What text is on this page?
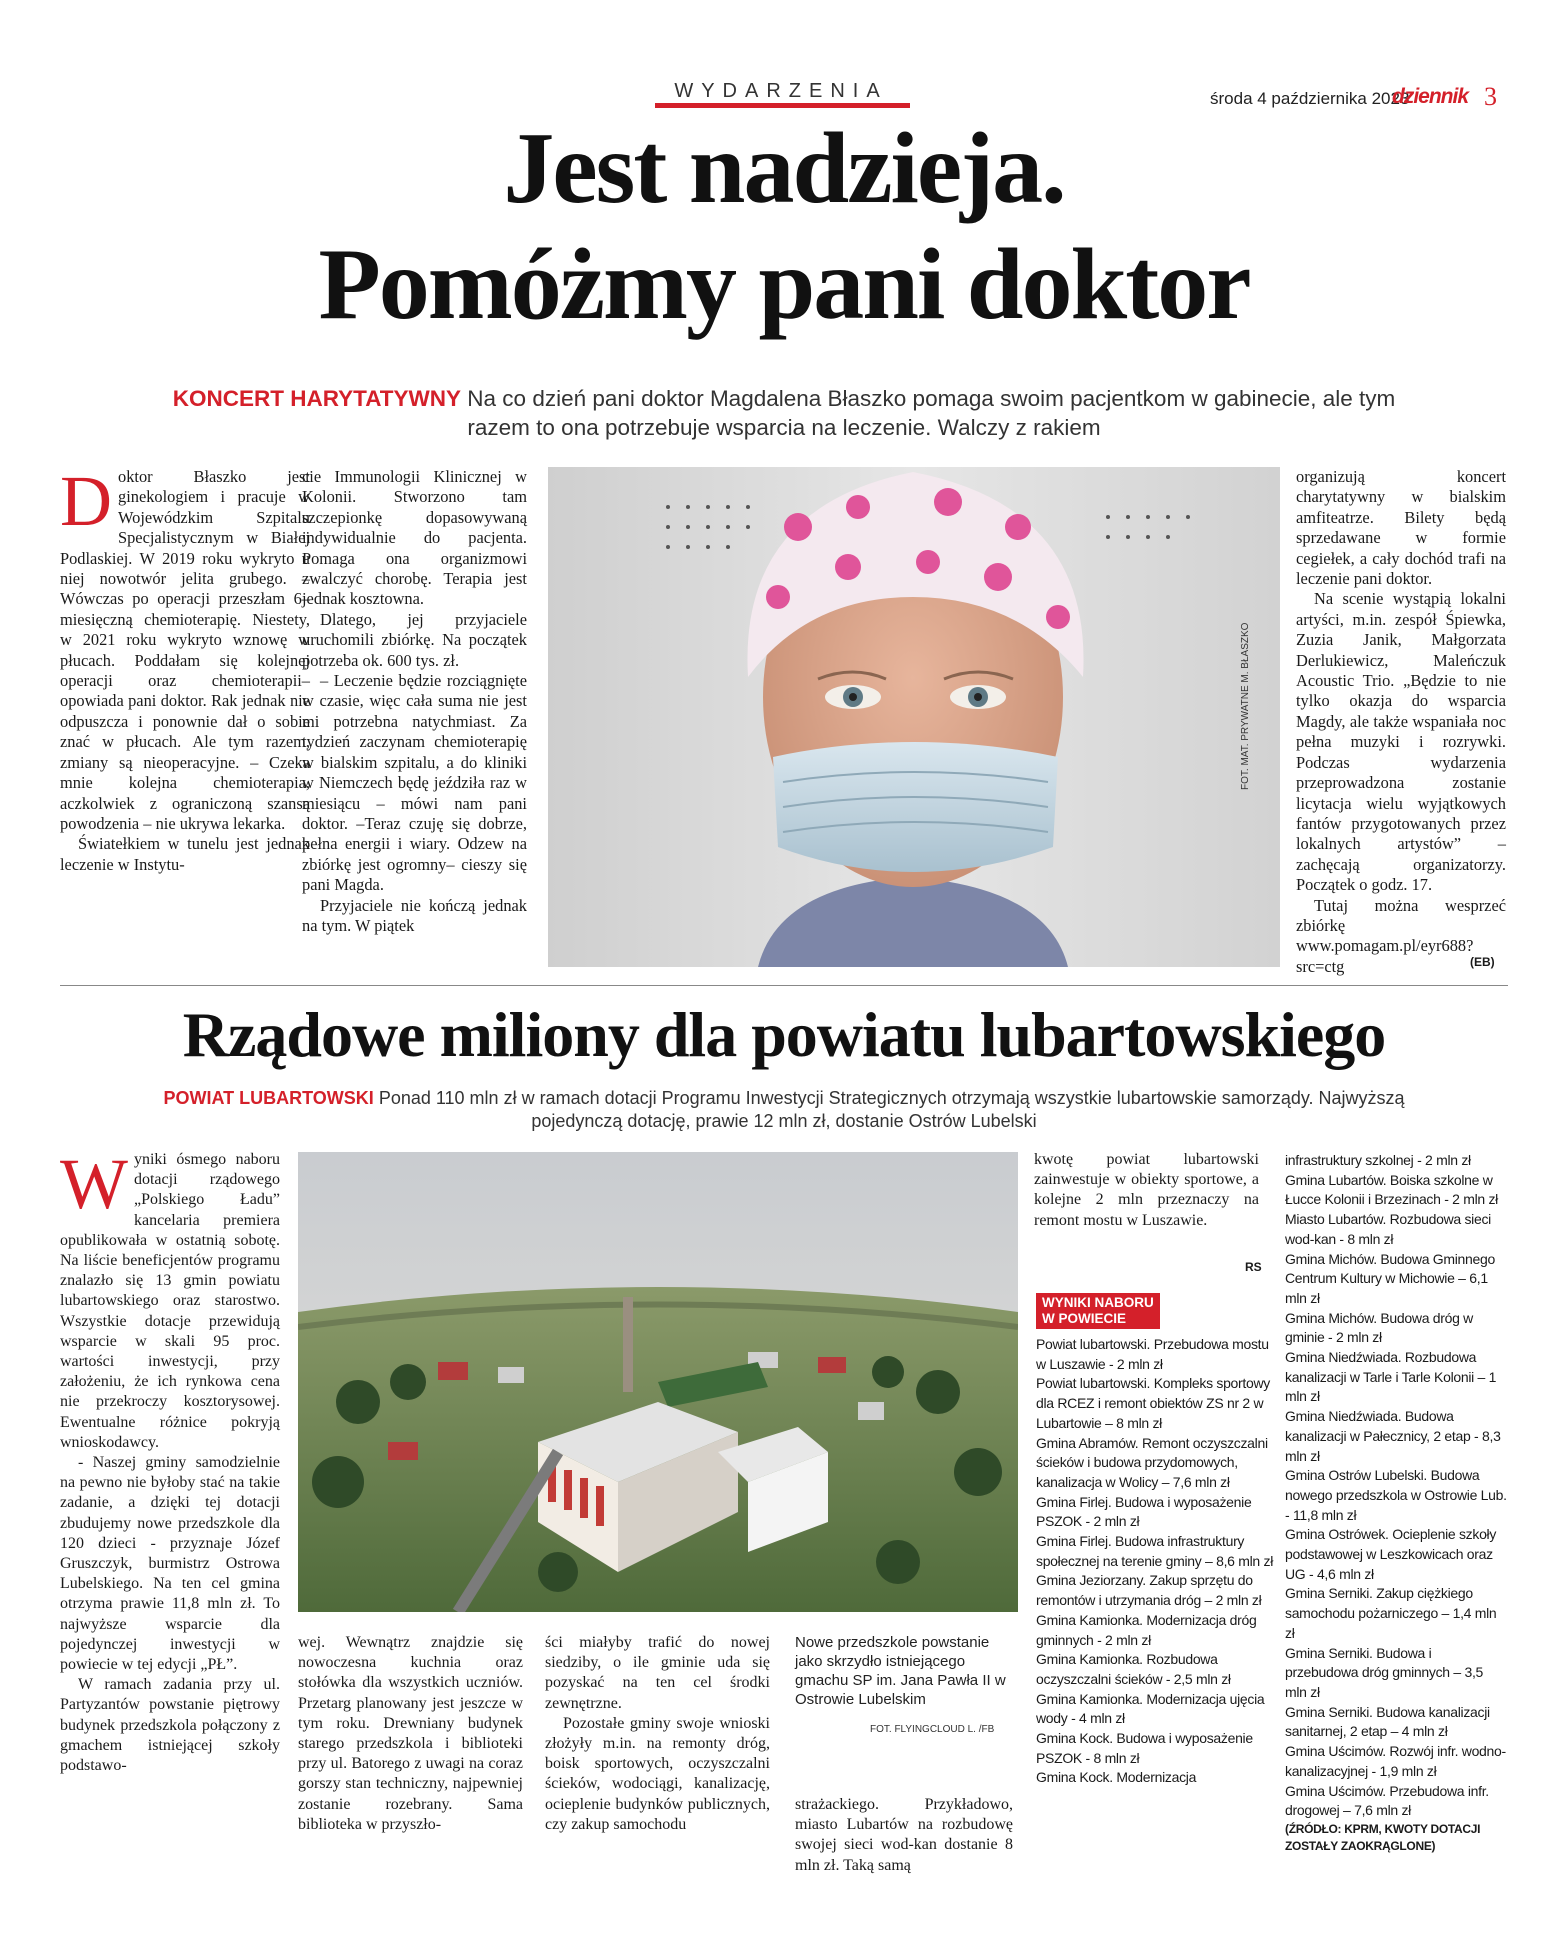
WYDARZENIA	środa 4 października 2023
dziennik 3
Jest nadzieja.
Pomóżmy pani doktor
KONCERT HARYTATYWNY Na co dzień pani doktor Magdalena Błaszko pomaga swoim pacjentkom w gabinecie, ale tym
razem to ona potrzebuje wsparcia na leczenie. Walczy z rakiem

Doktor Błaszko jest ginekologiem i pracuje w Wojewódzkim Szpitalu Specjalistycznym w Białej Podlaskiej. W 2019 roku wykryto u niej nowotwór jelita grubego. – Wówczas po operacji przeszłam 6– miesięczną chemioterapię. Niestety, w 2021 roku wykryto wznowę w płucach. Poddałam się kolejnej operacji oraz chemioterapii– opowiada pani doktor. Rak jednak nie odpuszcza i ponownie dał o sobie znać w płucach. Ale tym razem, zmiany są nieoperacyjne. – Czeka mnie kolejna chemioterapia, aczkolwiek z ograniczoną szansą powodzenia – nie ukrywa lekarka.

Światełkiem w tunelu jest jednak leczenie w Instytu-

cie Immunologii Klinicznej w Kolonii. Stworzono tam szczepionkę dopasowywaną indywidualnie do pacjenta. Pomaga ona organizmowi zwalczyć chorobę. Terapia jest jednak kosztowna.

Dlatego, jej przyjaciele uruchomili zbiórkę. Na początek potrzeba ok. 600 tys. zł.

– Leczenie będzie rozciągnięte w czasie, więc cała suma nie jest mi potrzebna natychmiast. Za tydzień zaczynam chemioterapię w bialskim szpitalu, a do kliniki w Niemczech będę jeździła raz w miesiącu – mówi nam pani doktor. –Teraz czuję się dobrze, pełna energii i wiary. Odzew na zbiórkę jest ogromny– cieszy się pani Magda.

Przyjaciele nie kończą jednak na tym. W piątek

FOT. MAT. PRYWATNE M. BŁASZKO

organizują koncert charytatywny w bialskim amfiteatrze. Bilety będą sprzedawane w formie cegiełek, a cały dochód trafi na leczenie pani doktor.

Na scenie wystąpią lokalni artyści, m.in. zespół Śpiewka, Zuzia Janik, Małgorzata Derlukiewicz, Maleńczuk Acoustic Trio. „Będzie to nie tylko okazja do wsparcia Magdy, ale także wspaniała noc pełna muzyki i rozrywki. Podczas wydarzenia przeprowadzona zostanie licytacja wielu wyjątkowych fantów przygotowanych przez lokalnych artystów” – zachęcają organizatorzy. Początek o godz. 17.

Tutaj można wesprzeć zbiórkę www.pomagam.pl/eyr688?src=ctg	(EB)
Rządowe miliony dla powiatu lubartowskiego
POWIAT LUBARTOWSKI Ponad 110 mln zł w ramach dotacji Programu Inwestycji Strategicznych otrzymają wszystkie lubartowskie samorządy. Najwyższą
pojedynczą dotację, prawie 12 mln zł, dostanie Ostrów Lubelski

Wyniki ósmego naboru dotacji rządowego „Polskiego Ładu” kancelaria premiera opublikowała w ostatnią sobotę. Na liście beneficjentów programu znalazło się 13 gmin powiatu lubartowskiego oraz starostwo. Wszystkie dotacje przewidują wsparcie w skali 95 proc. wartości inwestycji, przy założeniu, że ich rynkowa cena nie przekroczy kosztorysowej. Ewentualne różnice pokryją wnioskodawcy.

- Naszej gminy samodzielnie na pewno nie byłoby stać na takie zadanie, a dzięki tej dotacji zbudujemy nowe przedszkole dla 120 dzieci - przyznaje Józef Gruszczyk, burmistrz Ostrowa Lubelskiego. Na ten cel gmina otrzyma prawie 11,8 mln zł. To najwyższe wsparcie dla pojedynczej inwestycji w powiecie w tej edycji „PŁ”.

W ramach zadania przy ul. Partyzantów powstanie piętrowy budynek przedszkola połączony z gmachem istniejącej szkoły podstawo-

wej. Wewnątrz znajdzie się nowoczesna kuchnia oraz stołówka dla wszystkich uczniów. Przetarg planowany jest jeszcze w tym roku. Drewniany budynek starego przedszkola i biblioteki przy ul. Batorego z uwagi na coraz gorszy stan techniczny, najpewniej zostanie rozebrany. Sama biblioteka w przyszło-

ści miałyby trafić do nowej siedziby, o ile gminie uda się pozyskać na ten cel środki zewnętrzne.

Pozostałe gminy swoje wnioski złożyły m.in. na remonty dróg, boisk sportowych, oczyszczalni ścieków, wodociągi, kanalizację, ocieplenie budynków publicznych, czy zakup samochodu

Nowe przedszkole powstanie jako skrzydło istniejącego gmachu SP im. Jana Pawła II w Ostrowie Lubelskim
FOT. FLYINGCLOUD L. /FB

strażackiego. Przykładowo, miasto Lubartów na rozbudowę swojej sieci wod-kan dostanie 8 mln zł. Taką samą

kwotę powiat lubartowski zainwestuje w obiekty sportowe, a kolejne 2 mln przeznaczy na remont mostu w Luszawie.

RS
WYNIKI NABORU
W POWIECIE
Powiat lubartowski. Przebudowa mostu w Luszawie - 2 mln zł
Powiat lubartowski. Kompleks sportowy dla RCEZ i remont obiektów ZS nr 2 w Lubartowie – 8 mln zł
Gmina Abramów. Remont oczyszczalni ścieków i budowa przydomowych, kanalizacja w Wolicy – 7,6 mln zł
Gmina Firlej. Budowa i wyposażenie PSZOK - 2 mln zł
Gmina Firlej. Budowa infrastruktury społecznej na terenie gminy – 8,6 mln zł
Gmina Jeziorzany. Zakup sprzętu do remontów i utrzymania dróg – 2 mln zł
Gmina Kamionka. Modernizacja dróg gminnych - 2 mln zł
Gmina Kamionka. Rozbudowa oczyszczalni ścieków - 2,5 mln zł
Gmina Kamionka. Modernizacja ujęcia wody - 4 mln zł
Gmina Kock. Budowa i wyposażenie PSZOK - 8 mln zł
Gmina Kock. Modernizacja
infrastruktury szkolnej - 2 mln zł
Gmina Lubartów. Boiska szkolne w Łucce Kolonii i Brzezinach - 2 mln zł
Miasto Lubartów. Rozbudowa sieci wod-kan - 8 mln zł
Gmina Michów. Budowa Gminnego Centrum Kultury w Michowie – 6,1 mln zł
Gmina Michów. Budowa dróg w gminie - 2 mln zł
Gmina Niedźwiada. Rozbudowa kanalizacji w Tarle i Tarle Kolonii – 1 mln zł
Gmina Niedźwiada. Budowa kanalizacji w Pałecznicy, 2 etap - 8,3 mln zł
Gmina Ostrów Lubelski. Budowa nowego przedszkola w Ostrowie Lub. - 11,8 mln zł
Gmina Ostrówek. Ocieplenie szkoły podstawowej w Leszkowicach oraz UG - 4,6 mln zł
Gmina Serniki. Zakup ciężkiego samochodu pożarniczego – 1,4 mln zł
Gmina Serniki. Budowa i przebudowa dróg gminnych – 3,5 mln zł
Gmina Serniki. Budowa kanalizacji sanitarnej, 2 etap – 4 mln zł
Gmina Uścimów. Rozwój infr. wodno-kanalizacyjnej - 1,9 mln zł
Gmina Uścimów. Przebudowa infr. drogowej – 7,6 mln zł
(ŹRÓDŁO: KPRM, KWOTY DOTACJI ZOSTAŁY ZAOKRĄGLONE)
